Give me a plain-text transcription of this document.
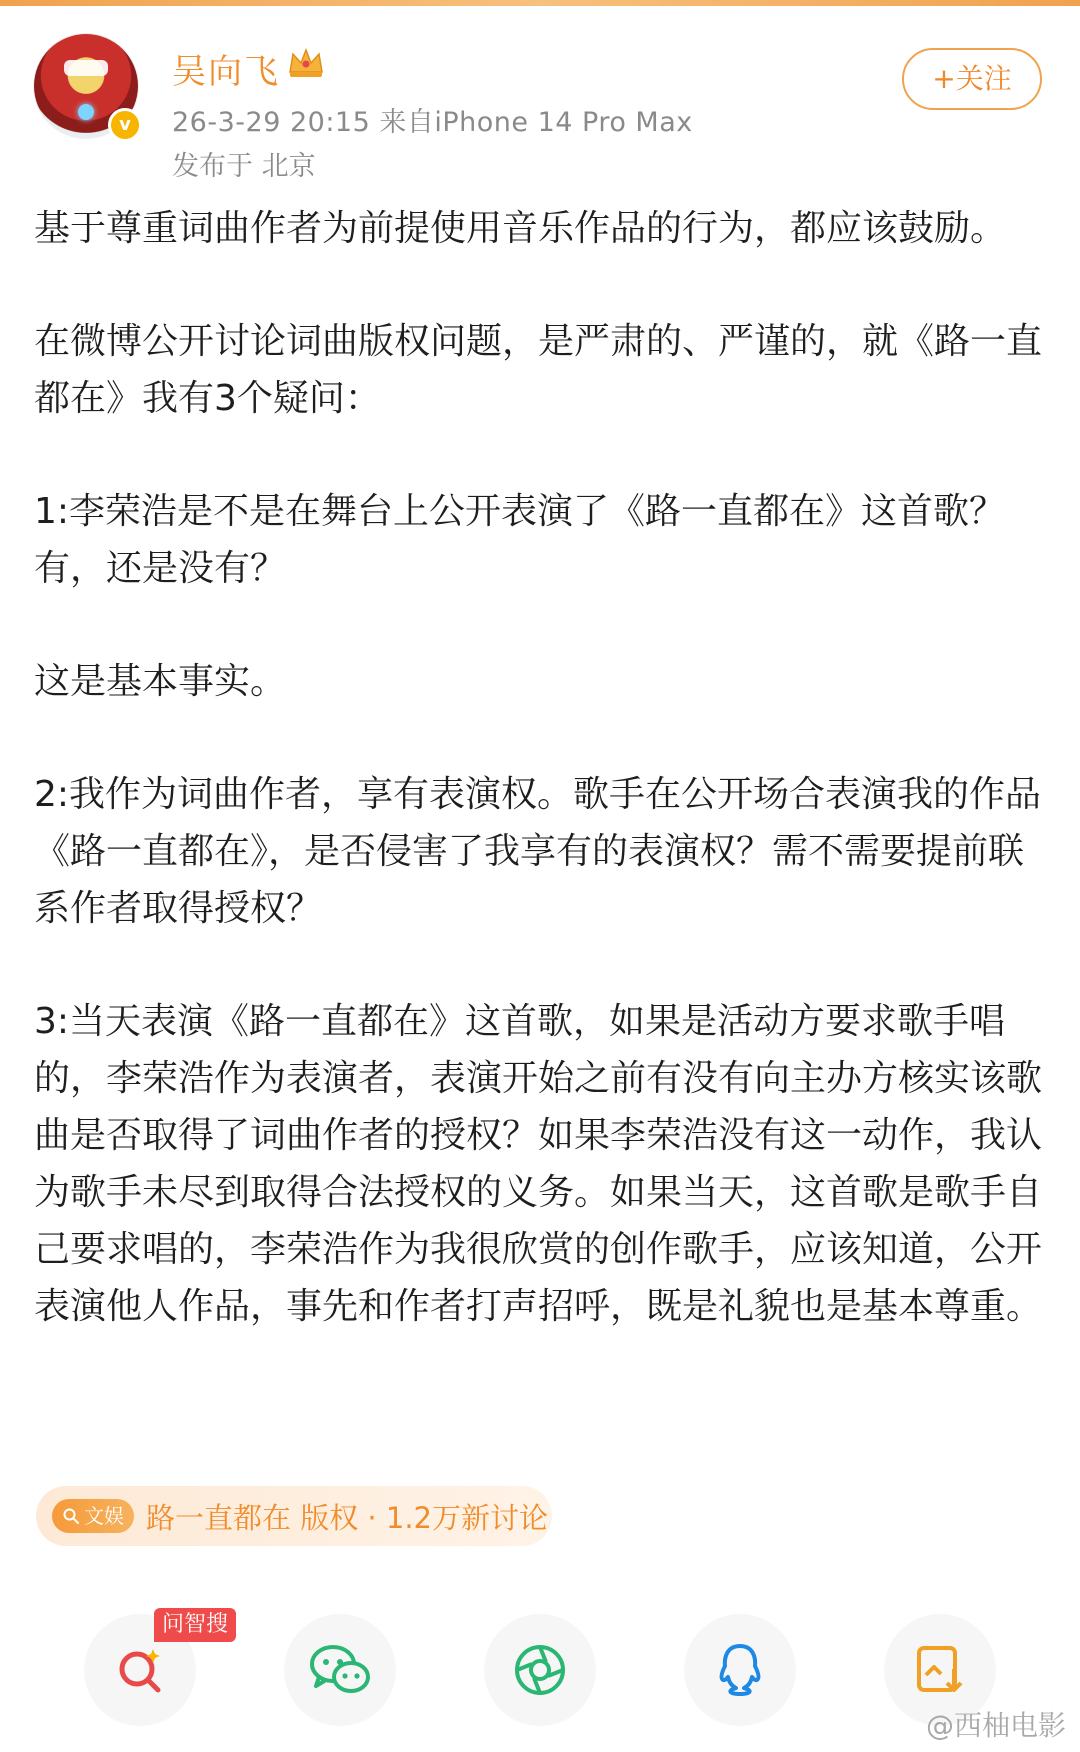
v
吴向飞
26-3-29 20:15 来自iPhone 14 Pro Max
发布于 北京
+关注

基于尊重词曲作者为前提使用音乐作品的行为，都应该鼓励。

在微博公开讨论词曲版权问题，是严肃的、严谨的，就《路一直都在》我有3个疑问：

1:李荣浩是不是在舞台上公开表演了《路一直都在》这首歌？有，还是没有？

这是基本事实。

2:我作为词曲作者，享有表演权。歌手在公开场合表演我的作品《路一直都在》，是否侵害了我享有的表演权？需不需要提前联系作者取得授权？

3:当天表演《路一直都在》这首歌，如果是活动方要求歌手唱的，李荣浩作为表演者，表演开始之前有没有向主办方核实该歌曲是否取得了词曲作者的授权？如果李荣浩没有这一动作，我认为歌手未尽到取得合法授权的义务。如果当天，这首歌是歌手自己要求唱的，李荣浩作为我很欣赏的创作歌手，应该知道，公开表演他人作品，事先和作者打声招呼，既是礼貌也是基本尊重。

文娱 路一直都在 版权 · 1.2万新讨论
问智搜
@西柚电影
